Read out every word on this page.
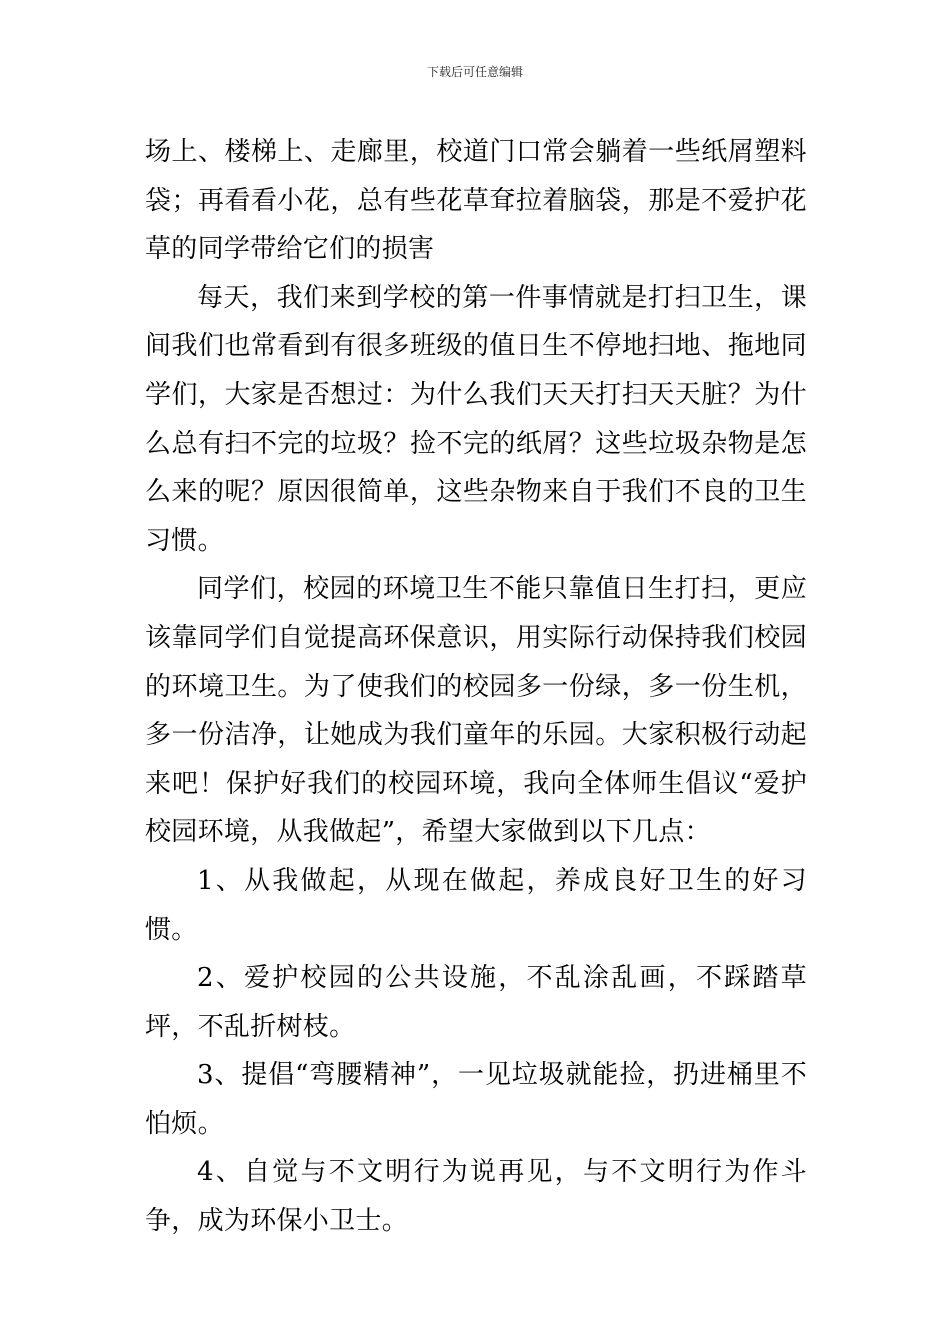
下载后可任意编辑

场上、楼梯上、走廊里，校道门口常会躺着一些纸屑塑料袋；再看看小花，总有些花草耷拉着脑袋，那是不爱护花草的同学带给它们的损害

每天，我们来到学校的第一件事情就是打扫卫生，课间我们也常看到有很多班级的值日生不停地扫地、拖地同学们，大家是否想过：为什么我们天天打扫天天脏？为什么总有扫不完的垃圾？捡不完的纸屑？这些垃圾杂物是怎么来的呢？原因很简单，这些杂物来自于我们不良的卫生习惯。

同学们，校园的环境卫生不能只靠值日生打扫，更应该靠同学们自觉提高环保意识，用实际行动保持我们校园的环境卫生。为了使我们的校园多一份绿，多一份生机，多一份洁净，让她成为我们童年的乐园。大家积极行动起来吧！保护好我们的校园环境，我向全体师生倡议“爱护校园环境，从我做起”，希望大家做到以下几点：

1、从我做起，从现在做起，养成良好卫生的好习惯。

2、爱护校园的公共设施，不乱涂乱画，不踩踏草坪，不乱折树枝。

3、提倡“弯腰精神”，一见垃圾就能捡，扔进桶里不怕烦。

4、自觉与不文明行为说再见，与不文明行为作斗争，成为环保小卫士。
